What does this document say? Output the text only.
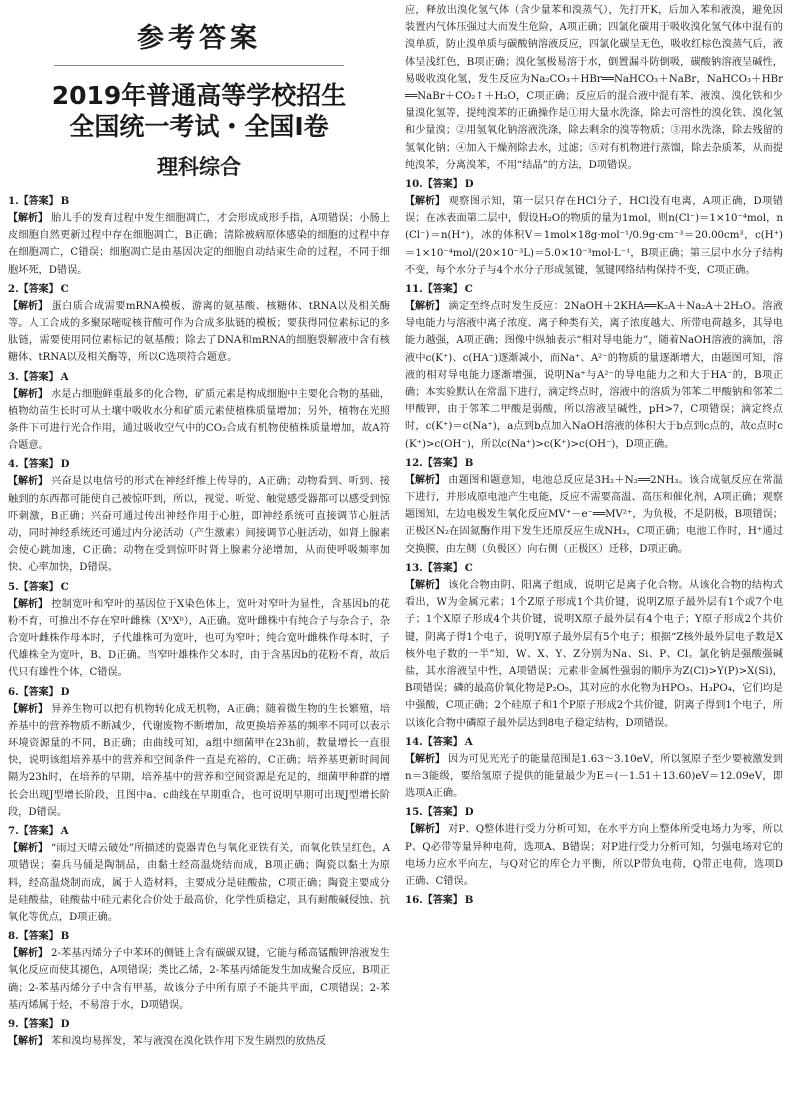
参考答案
2019年普通高等学校招生
全国统一考试・全国Ⅰ卷
理科综合
1.【答案】 B
【解析】 胎儿手的发育过程中发生细胞凋亡，才会形成成形手指，A项错误；小肠上皮细胞自然更新过程中存在细胞凋亡，B正确；清除被病原体感染的细胞的过程中存在细胞凋亡，C错误；细胞凋亡是由基因决定的细胞自动结束生命的过程，不同于细胞坏死，D错误。
2.【答案】 C
【解析】 蛋白质合成需要mRNA模板、游离的氨基酸、核糖体、tRNA以及相关酶等。人工合成的多聚尿嘧啶核苷酸可作为合成多肽链的模板；要获得同位素标记的多肽链，需要使用同位素标记的氨基酸；除去了DNA和mRNA的细胞裂解液中含有核糖体、tRNA以及相关酶等，所以C选项符合题意。
3.【答案】 A
【解析】 水是占细胞鲜重最多的化合物，矿质元素是构成细胞中主要化合物的基础，植物幼苗生长时可从土壤中吸收水分和矿质元素使植株质量增加；另外，植物在光照条件下可进行光合作用，通过吸收空气中的CO₂合成有机物使植株质量增加，故A符合题意。
4.【答案】 D
【解析】 兴奋是以电信号的形式在神经纤维上传导的，A正确；动物看到、听到、接触到的东西都可能使自己被惊吓到，所以，视觉、听觉、触觉感受器都可以感受到惊吓刺激，B正确；兴奋可通过传出神经作用于心脏，即神经系统可直接调节心脏活动，同时神经系统还可通过内分泌活动（产生激素）间接调节心脏活动，如肾上腺素会使心跳加速，C正确；动物在受到惊吓时肾上腺素分泌增加，从而使呼吸频率加快、心率加快，D错误。
5.【答案】 C
【解析】 控制宽叶和窄叶的基因位于X染色体上，宽叶对窄叶为显性，含基因b的花粉不育，可推出不存在窄叶雌株（XᵇXᵇ），A正确。宽叶雌株中有纯合子与杂合子，杂合宽叶雌株作母本时，子代雄株可为宽叶，也可为窄叶；纯合宽叶雌株作母本时，子代雄株全为宽叶，B、D正确。当窄叶雄株作父本时，由于含基因b的花粉不育，故后代只有雄性个体，C错误。
6.【答案】 D
【解析】 异养生物可以把有机物转化成无机物，A正确；随着微生物的生长繁殖，培养基中的营养物质不断减少，代谢废物不断增加，故更换培养基的频率不同可以表示环境资源量的不同，B正确；由曲线可知，a组中细菌甲在23h前，数量增长一直很快，说明该组培养基中的营养和空间条件一直是充裕的，C正确；培养基更新时间间隔为23h时，在培养的早期，培养基中的营养和空间资源是充足的，细菌甲种群的增长会出现J型增长阶段，且图中a、c曲线在早期重合，也可说明早期可出现J型增长阶段，D错误。
7.【答案】 A
【解析】 “雨过天晴云破处”所描述的瓷器青色与氧化亚铁有关，而氧化铁呈红色，A项错误；秦兵马俑是陶制品，由黏土经高温烧结而成，B项正确；陶瓷以黏土为原料，经高温烧制而成，属于人造材料，主要成分是硅酸盐，C项正确；陶瓷主要成分是硅酸盐，硅酸盐中硅元素化合价处于最高价，化学性质稳定，具有耐酸碱侵蚀、抗氧化等优点，D项正确。
8.【答案】 B
【解析】 2-苯基丙烯分子中苯环的侧链上含有碳碳双键，它能与稀高锰酸钾溶液发生氧化反应而使其褪色，A项错误；类比乙烯，2-苯基丙烯能发生加成聚合反应，B项正确；2-苯基丙烯分子中含有甲基，故该分子中所有原子不能共平面，C项错误；2-苯基丙烯属于烃，不易溶于水，D项错误。
9.【答案】 D
【解析】 苯和溴均易挥发，苯与液溴在溴化铁作用下发生剧烈的放热反
应，释放出溴化氢气体（含少量苯和溴蒸气），先打开K，后加入苯和液溴，避免因装置内气体压强过大而发生危险，A项正确；四氯化碳用于吸收溴化氢气体中混有的溴单质，防止溴单质与碳酸钠溶液反应，四氯化碳呈无色，吸收红棕色溴蒸气后，液体呈浅红色，B项正确；溴化氢极易溶于水，倒置漏斗防倒吸，碳酸钠溶液呈碱性，易吸收溴化氢，发生反应为Na₂CO₃＋HBr══NaHCO₃＋NaBr，NaHCO₃＋HBr══NaBr＋CO₂↑＋H₂O，C项正确；反应后的混合液中混有苯、液溴、溴化铁和少量溴化氢等，提纯溴苯的正确操作是①用大量水洗涤，除去可溶性的溴化铁、溴化氢和少量溴；②用氢氧化钠溶液洗涤，除去剩余的溴等物质；③用水洗涤，除去残留的氢氧化钠；④加入干燥剂除去水，过滤；⑤对有机物进行蒸馏，除去杂质苯，从而提纯溴苯，分离溴苯，不用“结晶”的方法，D项错误。
10.【答案】 D
【解析】 观察图示知，第一层只存在HCl分子，HCl没有电离，A项正确，D项错误；在冰表面第二层中，假设H₂O的物质的量为1mol，则n(Cl⁻)＝1×10⁻⁴mol，n(Cl⁻)＝n(H⁺)，冰的体积V＝1mol×18g·mol⁻¹/0.9g·cm⁻³＝20.00cm³，c(H⁺)＝1×10⁻⁴mol/(20×10⁻³L)＝5.0×10⁻³mol·L⁻¹，B项正确；第三层中水分子结构不变，每个水分子与4个水分子形成氢键，氢键网络结构保持不变，C项正确。
11.【答案】 C
【解析】 滴定至终点时发生反应：2NaOH＋2KHA══K₂A＋Na₂A＋2H₂O。溶液导电能力与溶液中离子浓度、离子种类有关，离子浓度越大、所带电荷越多，其导电能力越强，A项正确；图像中纵轴表示“相对导电能力”，随着NaOH溶液的滴加，溶液中c(K⁺)、c(HA⁻)逐渐减小，而Na⁺、A²⁻的物质的量逐渐增大，由题图可知，溶液的相对导电能力逐渐增强，说明Na⁺与A²⁻的导电能力之和大于HA⁻的，B项正确；本实验默认在常温下进行，滴定终点时，溶液中的溶质为邻苯二甲酸钠和邻苯二甲酸钾，由于邻苯二甲酸是弱酸，所以溶液呈碱性，pH>7，C项错误；滴定终点时，c(K⁺)＝c(Na⁺)，a点到b点加入NaOH溶液的体积大于b点到c点的，故c点时c(K⁺)>c(OH⁻)，所以c(Na⁺)>c(K⁺)>c(OH⁻)，D项正确。
12.【答案】 B
【解析】 由题图和题意知，电池总反应是3H₂＋N₂══2NH₃。该合成氨反应在常温下进行，并形成原电池产生电能，反应不需要高温、高压和催化剂，A项正确；观察题图知，左边电极发生氧化反应MV⁺－e⁻══MV²⁺，为负极，不是阴极，B项错误；正极区N₂在固氮酶作用下发生还原反应生成NH₃，C项正确；电池工作时，H⁺通过交换膜，由左侧（负极区）向右侧（正极区）迁移，D项正确。
13.【答案】 C
【解析】 该化合物由阴、阳离子组成，说明它是离子化合物。从该化合物的结构式看出，W为金属元素；1个Z原子形成1个共价键，说明Z原子最外层有1个或7个电子；1个X原子形成4个共价键，说明X原子最外层有4个电子；Y原子形成2个共价键，阴离子得1个电子，说明Y原子最外层有5个电子；根据“Z核外最外层电子数是X核外电子数的一半”知，W、X、Y、Z分别为Na、Si、P、Cl。氯化钠是强酸强碱盐，其水溶液呈中性，A项错误；元素非金属性强弱的顺序为Z(Cl)>Y(P)>X(Si)，B项错误；磷的最高价氧化物是P₂O₅，其对应的水化物为HPO₃、H₃PO₄，它们均是中强酸，C项正确；2个硅原子和1个P原子形成2个共价键，阴离子得到1个电子，所以该化合物中磷原子最外层达到8电子稳定结构，D项错误。
14.【答案】 A
【解析】 因为可见光光子的能量范围是1.63～3.10eV，所以氢原子至少要被激发到n＝3能级，要给氢原子提供的能量最少为E＝(－1.51＋13.60)eV＝12.09eV，即选项A正确。
15.【答案】 D
【解析】 对P、Q整体进行受力分析可知，在水平方向上整体所受电场力为零，所以P、Q必带等量异种电荷，选项A、B错误；对P进行受力分析可知，匀强电场对它的电场力应水平向左，与Q对它的库仑力平衡，所以P带负电荷，Q带正电荷，选项D正确、C错误。
16.【答案】 B
